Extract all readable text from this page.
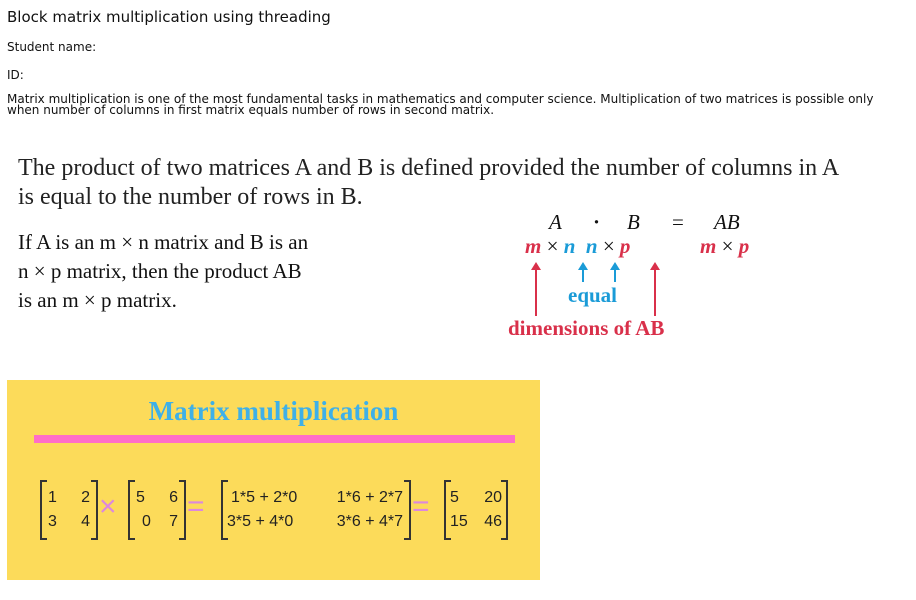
Block matrix multiplication using threading
Student name:
ID:
Matrix multiplication is one of the most fundamental tasks in mathematics and computer science. Multiplication of two matrices is possible only when number of columns in first matrix equals number of rows in second matrix.
The product of two matrices A and B is defined provided the number of columns in A
is equal to the number of rows in B.
If A is an m × n matrix and B is an
n × p matrix, then the product AB
is an m × p matrix.
A · B = AB
m × n n × p	m × p
equal
dimensions of AB
Matrix multiplication
1 2
3 4 × 5 6
0 7 = 1*5 + 2*0 1*6 + 2*7
3*5 + 4*0	3*6 + 4*7 = 5 20
15 46
